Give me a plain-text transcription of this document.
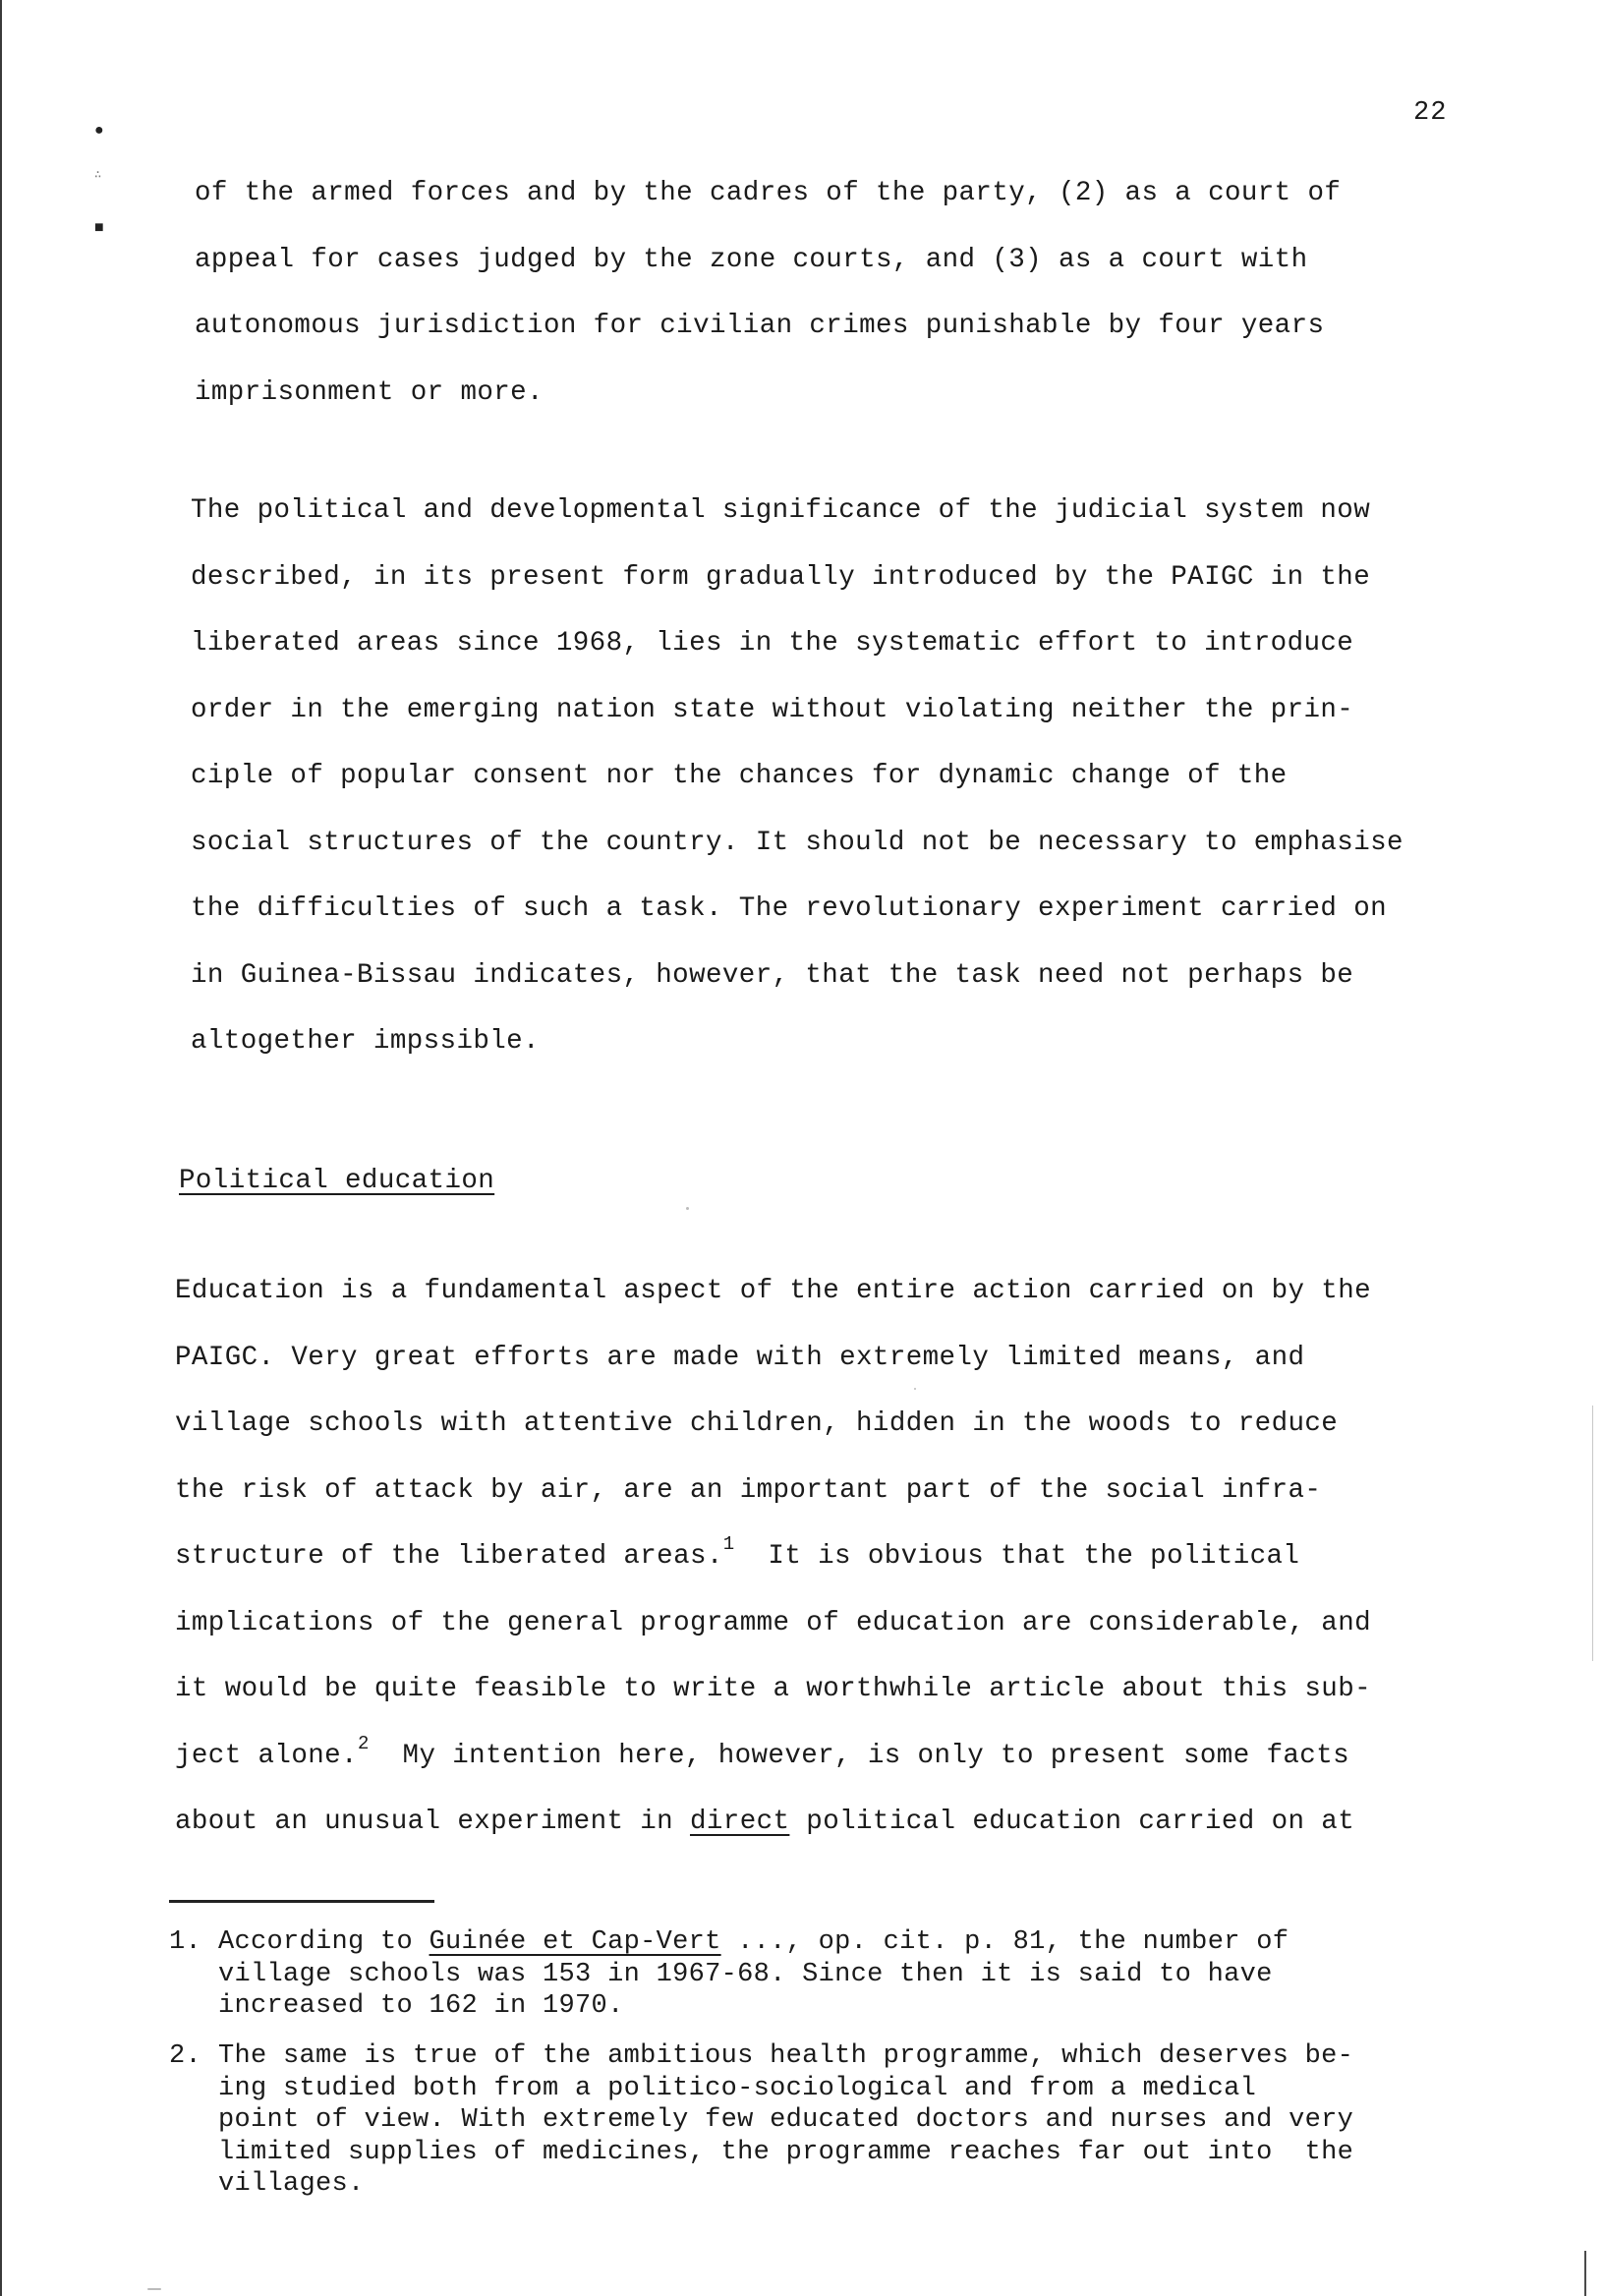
●
∴
■
22
of the armed forces and by the cadres of the party, (2) as a court of
appeal for cases judged by the zone courts, and (3) as a court with
autonomous jurisdiction for civilian crimes punishable by four years
imprisonment or more.
The political and developmental significance of the judicial system now
described, in its present form gradually introduced by the PAIGC in the
liberated areas since 1968, lies in the systematic effort to introduce
order in the emerging nation state without violating neither the prin-
ciple of popular consent nor the chances for dynamic change of the
social structures of the country. It should not be necessary to emphasise
the difficulties of such a task. The revolutionary experiment carried on
in Guinea-Bissau indicates, however, that the task need not perhaps be
altogether impssible.
Political education
Education is a fundamental aspect of the entire action carried on by the
PAIGC. Very great efforts are made with extremely limited means, and
village schools with attentive children, hidden in the woods to reduce
the risk of attack by air, are an important part of the social infra-
structure of the liberated areas.$^1$  It is obvious that the political
implications of the general programme of education are considerable, and
it would be quite feasible to write a worthwhile article about this sub-
ject alone.$^2$  My intention here, however, is only to present some facts
about an unusual experiment in direct political education carried on at
1. According to Guinée et Cap-Vert ..., op. cit. p. 81, the number of
village schools was 153 in 1967-68. Since then it is said to have
increased to 162 in 1970.
2. The same is true of the ambitious health programme, which deserves be-
ing studied both from a politico-sociological and from a medical
point of view. With extremely few educated doctors and nurses and very
limited supplies of medicines, the programme reaches far out into  the
villages.
